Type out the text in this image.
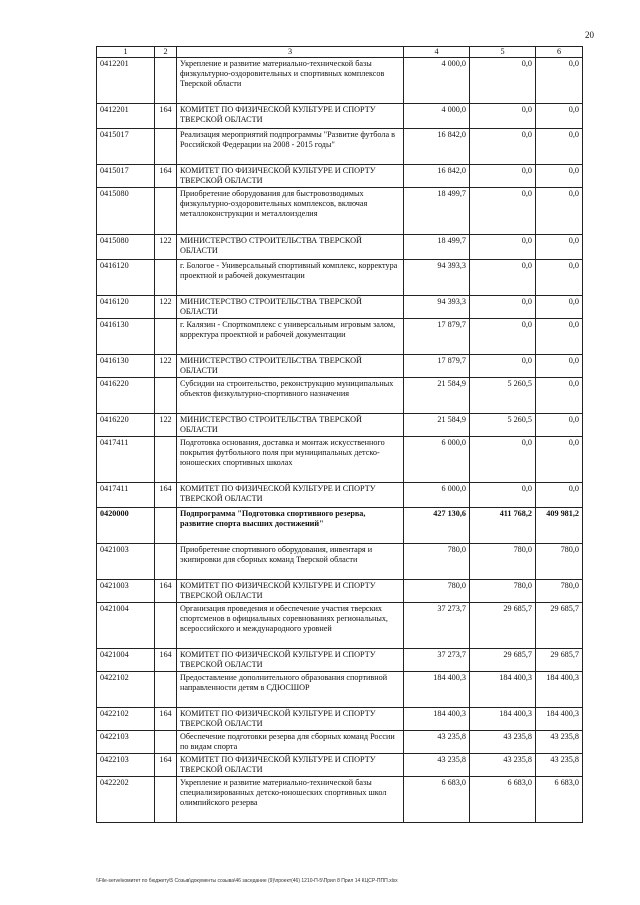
20
1	2	3	4	5	6
0412201		Укрепление и развитие материально-технической базы физкультурно-оздоровительных и спортивных комплексов Тверской области	4 000,0	0,0	0,0
0412201	164	КОМИТЕТ ПО ФИЗИЧЕСКОЙ КУЛЬТУРЕ И СПОРТУ ТВЕРСКОЙ ОБЛАСТИ	4 000,0	0,0	0,0
0415017		Реализация мероприятий подпрограммы "Развитие футбола в Российской Федерации на 2008 - 2015 годы"	16 842,0	0,0	0,0
0415017	164	КОМИТЕТ ПО ФИЗИЧЕСКОЙ КУЛЬТУРЕ И СПОРТУ ТВЕРСКОЙ ОБЛАСТИ	16 842,0	0,0	0,0
0415080		Приобретение оборудования для быстровозводимых физкультурно-оздоровительных комплексов, включая металлоконструкции и металлоизделия	18 499,7	0,0	0,0
0415080	122	МИНИСТЕРСТВО СТРОИТЕЛЬСТВА ТВЕРСКОЙ ОБЛАСТИ	18 499,7	0,0	0,0
0416120		г. Бологое - Универсальный спортивный комплекс, корректура проектной и рабочей документации	94 393,3	0,0	0,0
0416120	122	МИНИСТЕРСТВО СТРОИТЕЛЬСТВА ТВЕРСКОЙ ОБЛАСТИ	94 393,3	0,0	0,0
0416130		г. Калязин - Спорткомплекс с универсальным игровым залом, корректура проектной и рабочей документации	17 879,7	0,0	0,0
0416130	122	МИНИСТЕРСТВО СТРОИТЕЛЬСТВА ТВЕРСКОЙ ОБЛАСТИ	17 879,7	0,0	0,0
0416220		Субсидии на строительство, реконструкцию муниципальных объектов физкультурно-спортивного назначения	21 584,9	5 260,5	0,0
0416220	122	МИНИСТЕРСТВО СТРОИТЕЛЬСТВА ТВЕРСКОЙ ОБЛАСТИ	21 584,9	5 260,5	0,0
0417411		Подготовка основания, доставка и монтаж искусственного покрытия футбольного поля при муниципальных детско-юношеских спортивных школах	6 000,0	0,0	0,0
0417411	164	КОМИТЕТ ПО ФИЗИЧЕСКОЙ КУЛЬТУРЕ И СПОРТУ ТВЕРСКОЙ ОБЛАСТИ	6 000,0	0,0	0,0
0420000		Подпрограмма "Подготовка спортивного резерва, развитие спорта высших достижений"	427 130,6	411 768,2	409 981,2
0421003		Приобретение спортивного оборудования, инвентаря и экипировки для сборных команд Тверской области	780,0	780,0	780,0
0421003	164	КОМИТЕТ ПО ФИЗИЧЕСКОЙ КУЛЬТУРЕ И СПОРТУ ТВЕРСКОЙ ОБЛАСТИ	780,0	780,0	780,0
0421004		Организация проведения и обеспечение участия тверских спортсменов в официальных соревнованиях региональных, всероссийского и международного уровней	37 273,7	29 685,7	29 685,7
0421004	164	КОМИТЕТ ПО ФИЗИЧЕСКОЙ КУЛЬТУРЕ И СПОРТУ ТВЕРСКОЙ ОБЛАСТИ	37 273,7	29 685,7	29 685,7
0422102		Предоставление дополнительного образования спортивной направленности детям в СДЮСШОР	184 400,3	184 400,3	184 400,3
0422102	164	КОМИТЕТ ПО ФИЗИЧЕСКОЙ КУЛЬТУРЕ И СПОРТУ ТВЕРСКОЙ ОБЛАСТИ	184 400,3	184 400,3	184 400,3
0422103		Обеспечение подготовки резерва для сборных команд России по видам спорта	43 235,8	43 235,8	43 235,8
0422103	164	КОМИТЕТ ПО ФИЗИЧЕСКОЙ КУЛЬТУРЕ И СПОРТУ ТВЕРСКОЙ ОБЛАСТИ	43 235,8	43 235,8	43 235,8
0422202		Укрепление и развитие материально-технической базы специализированных детско-юношеских спортивных школ олимпийского резерва	6 683,0	6 683,0	6 683,0
\\File-serve\комитет по бюджету\5 Созыв\документы созыва\46 заседание (9)\проект(46) 1210-П-5\Прил 8 Прил 14 КЦСР-ППП.xlsx
